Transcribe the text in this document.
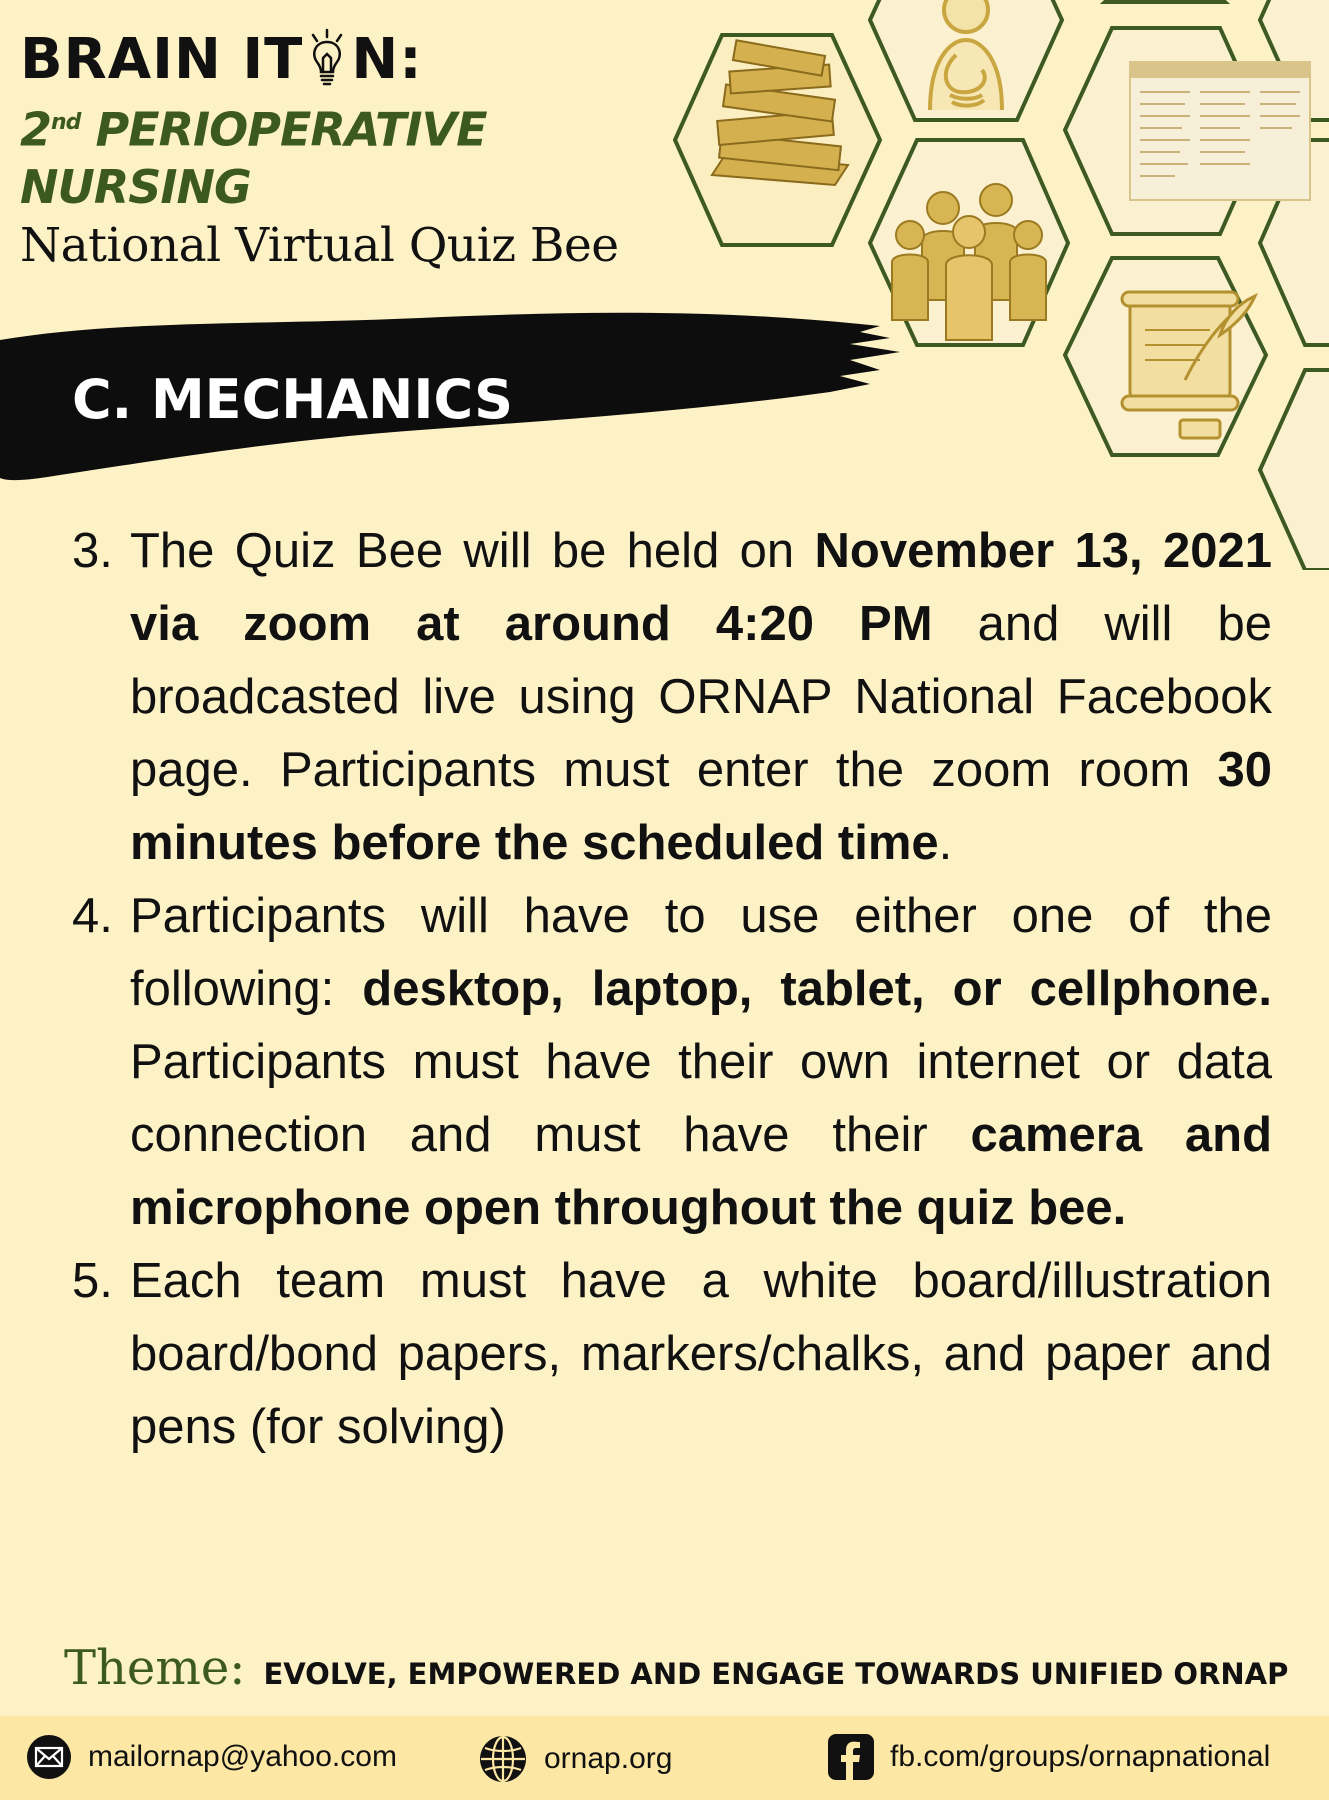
BRAIN IT N:
2nd PERIOPERATIVE NURSING
National Virtual Quiz Bee
C. MECHANICS
3. The Quiz Bee will be held on November 13, 2021 via zoom at around 4:20 PM and will be broadcasted live using ORNAP National Facebook page. Participants must enter the zoom room 30 minutes before the scheduled time.
4. Participants will have to use either one of the following: desktop, laptop, tablet, or cellphone. Participants must have their own internet or data connection and must have their camera and microphone open throughout the quiz bee.
5. Each team must have a white board/illustration board/bond papers, markers/chalks, and paper and pens (for solving)
Theme: EVOLVE, EMPOWERED AND ENGAGE TOWARDS UNIFIED ORNAP
mailornap@yahoo.com	ornap.org	fb.com/groups/ornapnational
